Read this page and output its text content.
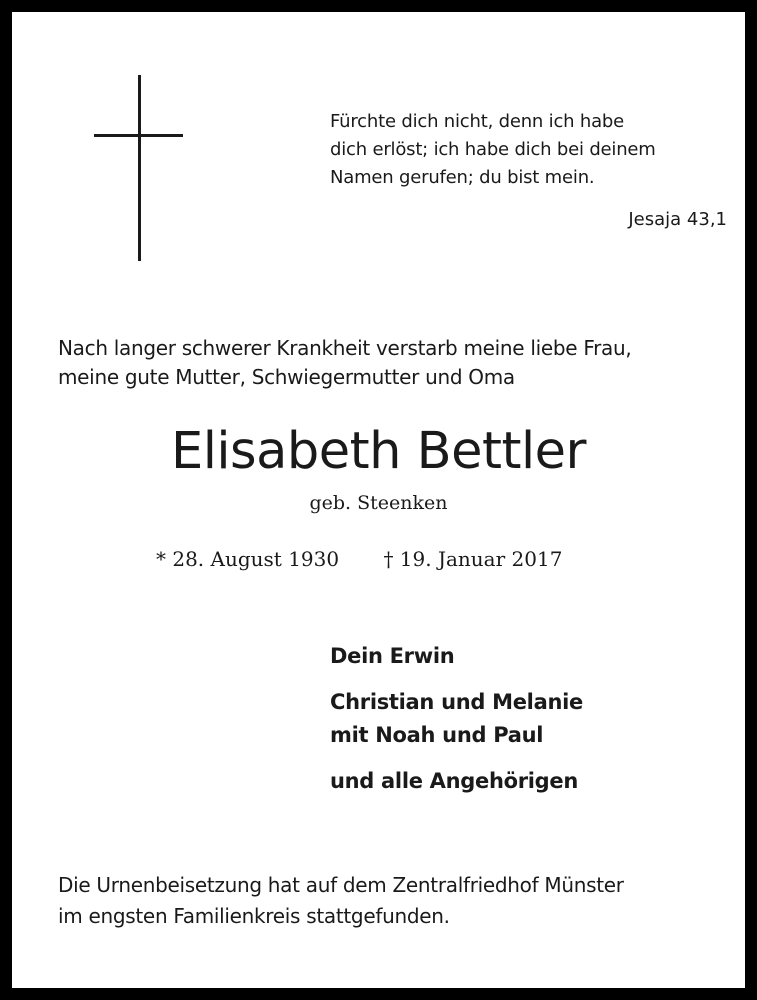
Fürchte dich nicht, denn ich habe
dich erlöst; ich habe dich bei deinem
Namen gerufen; du bist mein.
Jesaja 43,1
Nach langer schwerer Krankheit verstarb meine liebe Frau,
meine gute Mutter, Schwiegermutter und Oma
Elisabeth Bettler
geb. Steenken
* 28. August 1930 † 19. Januar 2017
Dein Erwin
Christian und Melanie
mit Noah und Paul
und alle Angehörigen
Die Urnenbeisetzung hat auf dem Zentralfriedhof Münster
im engsten Familienkreis stattgefunden.
